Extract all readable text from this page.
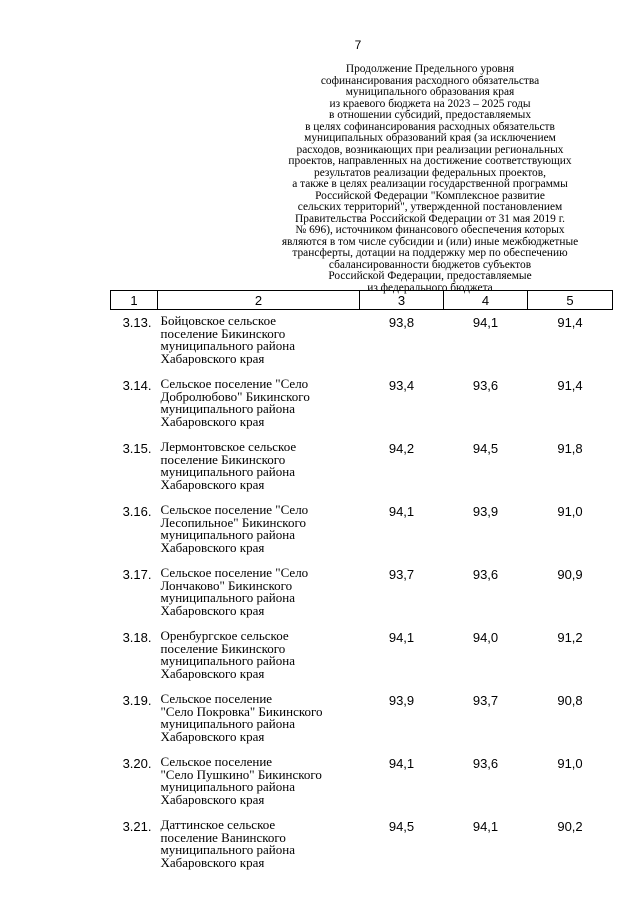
7
Продолжение Предельного уровня
софинансирования расходного обязательства
муниципального образования края
из краевого бюджета на 2023 – 2025 годы
в отношении субсидий, предоставляемых
в целях софинансирования расходных обязательств
муниципальных образований края (за исключением
расходов, возникающих при реализации региональных
проектов, направленных на достижение соответствующих
результатов реализации федеральных проектов,
а также в целях реализации государственной программы
Российской Федерации "Комплексное развитие
сельских территорий", утвержденной постановлением
Правительства Российской Федерации от 31 мая 2019 г.
№ 696), источником финансового обеспечения которых
являются в том числе субсидии и (или) иные межбюджетные
трансферты, дотации на поддержку мер по обеспечению
сбалансированности бюджетов субъектов
Российской Федерации, предоставляемые
из федерального бюджета
1	2	3	4	5
3.13.	Бойцовское сельское
поселение Бикинского
муниципального района
Хабаровского края	93,8	94,1	91,4
3.14.	Сельское поселение "Село
Добролюбово" Бикинского
муниципального района
Хабаровского края	93,4	93,6	91,4
3.15.	Лермонтовское сельское
поселение Бикинского
муниципального района
Хабаровского края	94,2	94,5	91,8
3.16.	Сельское поселение "Село
Лесопильное" Бикинского
муниципального района
Хабаровского края	94,1	93,9	91,0
3.17.	Сельское поселение "Село
Лончаково" Бикинского
муниципального района
Хабаровского края	93,7	93,6	90,9
3.18.	Оренбургское сельское
поселение Бикинского
муниципального района
Хабаровского края	94,1	94,0	91,2
3.19.	Сельское поселение
"Село Покровка" Бикинского
муниципального района
Хабаровского края	93,9	93,7	90,8
3.20.	Сельское поселение
"Село Пушкино" Бикинского
муниципального района
Хабаровского края	94,1	93,6	91,0
3.21.	Даттинское сельское
поселение Ванинского
муниципального района
Хабаровского края	94,5	94,1	90,2
